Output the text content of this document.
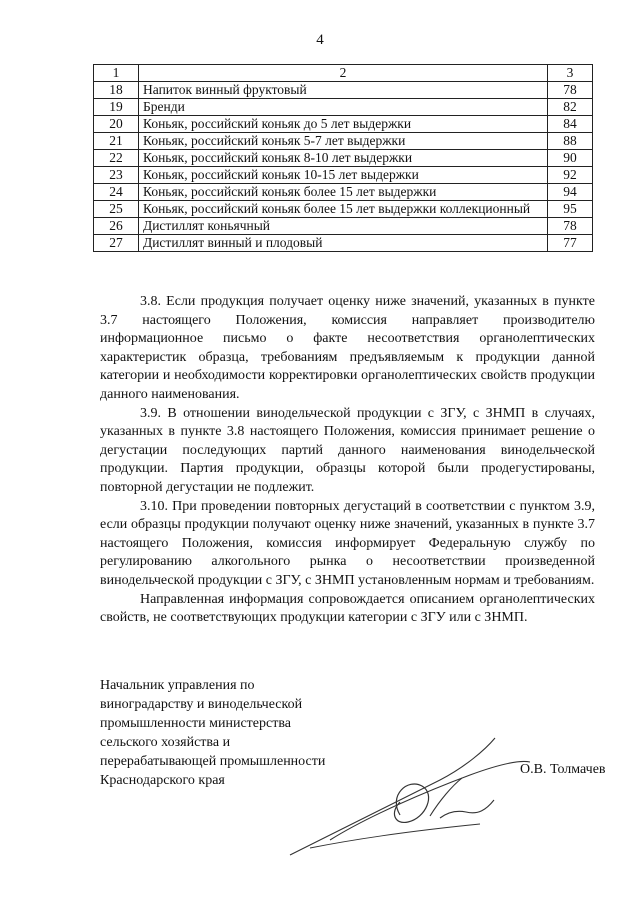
4
1	2	3
18	Напиток винный фруктовый	78
19	Бренди	82
20	Коньяк, российский коньяк до 5 лет выдержки	84
21	Коньяк, российский коньяк 5-7 лет выдержки	88
22	Коньяк, российский коньяк 8-10 лет выдержки	90
23	Коньяк, российский коньяк 10-15 лет выдержки	92
24	Коньяк, российский коньяк более 15 лет выдержки	94
25	Коньяк, российский коньяк более 15 лет выдержки коллекционный	95
26	Дистиллят коньячный	78
27	Дистиллят винный и плодовый	77

3.8. Если продукция получает оценку ниже значений, указанных в пункте 3.7 настоящего Положения, комиссия направляет производителю информационное письмо о факте несоответствия органолептических характеристик образца, требованиям предъявляемым к продукции данной категории и необходимости корректировки органолептических свойств продукции данного наименования.

3.9. В отношении винодельческой продукции с ЗГУ, с ЗНМП в случаях, указанных в пункте 3.8 настоящего Положения, комиссия принимает решение о дегустации последующих партий данного наименования винодельческой продукции. Партия продукции, образцы которой были продегустированы, повторной дегустации не подлежит.

3.10. При проведении повторных дегустаций в соответствии с пунктом 3.9, если образцы продукции получают оценку ниже значений, указанных в пункте 3.7 настоящего Положения, комиссия информирует Федеральную службу по регулированию алкогольного рынка о несоответствии произведенной винодельческой продукции с ЗГУ, с ЗНМП установленным нормам и требованиям.

Направленная информация сопровождается описанием органолептических свойств, не соответствующих продукции категории с ЗГУ или с ЗНМП.

Начальник управления по
виноградарству и винодельческой
промышленности министерства
сельского хозяйства и
перерабатывающей промышленности
Краснодарского края
О.В. Толмачев
